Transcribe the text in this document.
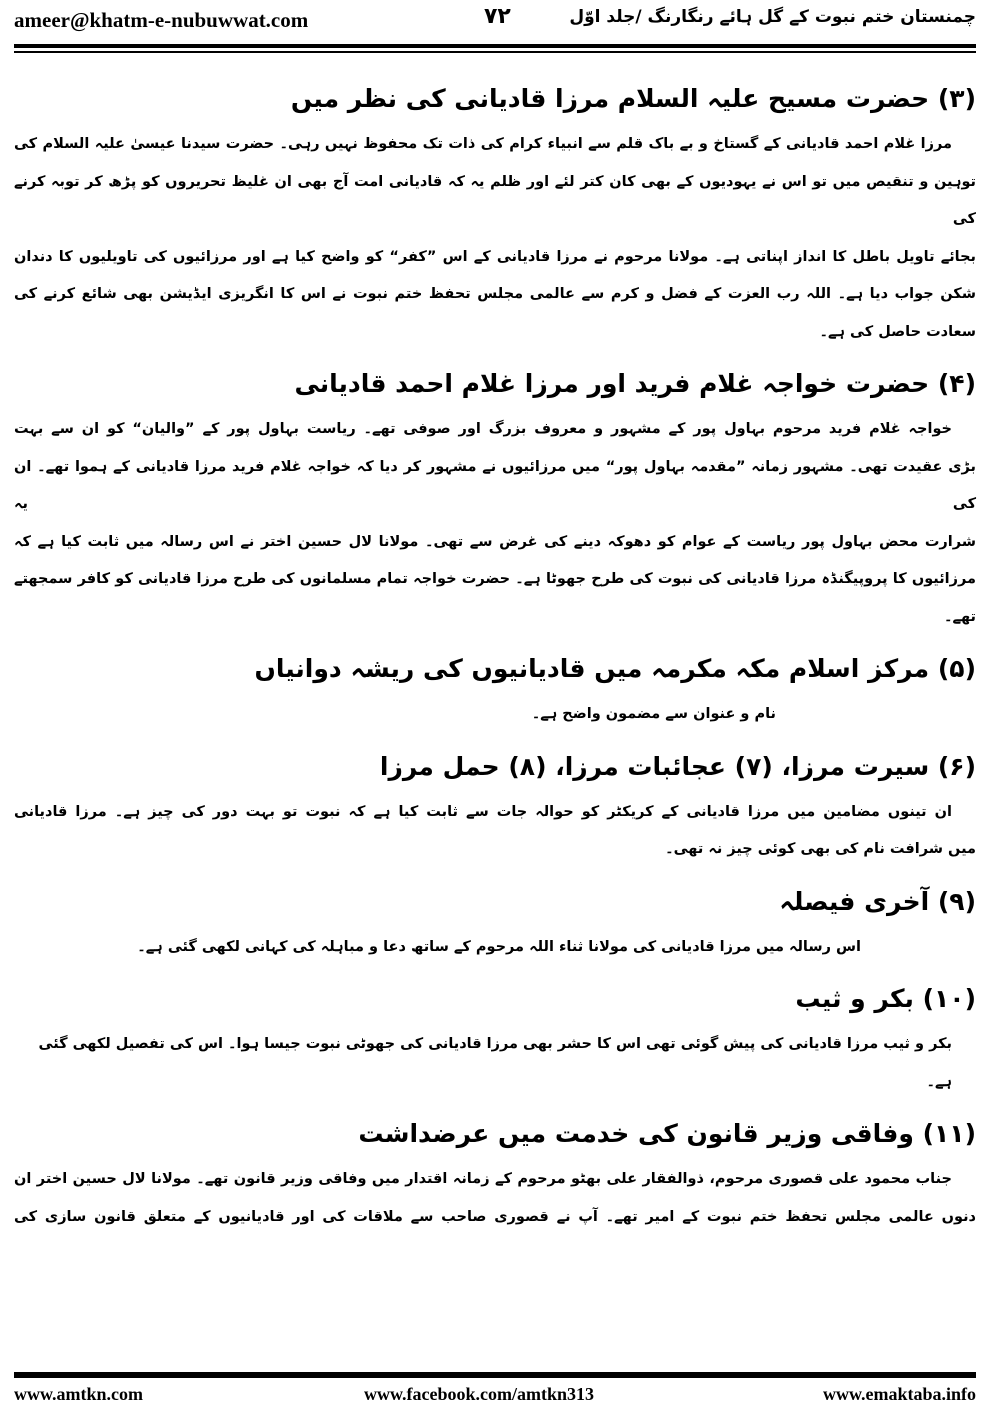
ameer@khatm-e-nubuwwat.com	۷۲	چمنستان ختم نبوت کے گل ہائے رنگارنگ /جلد اوّل
(۳) حضرت مسیح علیہ السلام مرزا قادیانی کی نظر میں
مرزا غلام احمد قادیانی کے گستاخ و بے باک قلم سے انبیاء کرام کی ذات تک محفوظ نہیں رہی۔ حضرت سیدنا عیسیٰ علیہ السلام کی
توہین و تنقیص میں تو اس نے یہودیوں کے بھی کان کتر لئے اور ظلم یہ کہ قادیانی امت آج بھی ان غلیظ تحریروں کو پڑھ کر توبہ کرنے کی
بجائے تاویل باطل کا انداز اپناتی ہے۔ مولانا مرحوم نے مرزا قادیانی کے اس ”کفر“ کو واضح کیا ہے اور مرزائیوں کی تاویلیوں کا دندان
شکن جواب دیا ہے۔ اللہ رب العزت کے فضل و کرم سے عالمی مجلس تحفظ ختم نبوت نے اس کا انگریزی ایڈیشن بھی شائع کرنے کی
سعادت حاصل کی ہے۔
(۴) حضرت خواجہ غلام فرید اور مرزا غلام احمد قادیانی
خواجہ غلام فرید مرحوم بہاول پور کے مشہور و معروف بزرگ اور صوفی تھے۔ ریاست بہاول پور کے ”والیان“ کو ان سے بہت
بڑی عقیدت تھی۔ مشہور زمانہ ”مقدمہ بہاول پور“ میں مرزائیوں نے مشہور کر دیا کہ خواجہ غلام فرید مرزا قادیانی کے ہموا تھے۔ ان کی یہ
شرارت محض بہاول پور ریاست کے عوام کو دھوکہ دینے کی غرض سے تھی۔ مولانا لال حسین اختر نے اس رسالہ میں ثابت کیا ہے کہ
مرزائیوں کا پروپیگنڈہ مرزا قادیانی کی نبوت کی طرح جھوٹا ہے۔ حضرت خواجہ تمام مسلمانوں کی طرح مرزا قادیانی کو کافر سمجھتے تھے۔
(۵) مرکز اسلام مکہ مکرمہ میں قادیانیوں کی ریشہ دوانیاں
نام و عنوان سے مضمون واضح ہے۔
(۶) سیرت مرزا، (۷) عجائبات مرزا، (۸) حمل مرزا
ان تینوں مضامین میں مرزا قادیانی کے کریکٹر کو حوالہ جات سے ثابت کیا ہے کہ نبوت تو بہت دور کی چیز ہے۔ مرزا قادیانی
میں شرافت نام کی بھی کوئی چیز نہ تھی۔
(۹) آخری فیصلہ
اس رسالہ میں مرزا قادیانی کی مولانا ثناء اللہ مرحوم کے ساتھ دعا و مباہلہ کی کہانی لکھی گئی ہے۔
(۱۰) بکر و ثیب
بکر و ثیب مرزا قادیانی کی پیش گوئی تھی اس کا حشر بھی مرزا قادیانی کی جھوٹی نبوت جیسا ہوا۔ اس کی تفصیل لکھی گئی ہے۔
(۱۱) وفاقی وزیر قانون کی خدمت میں عرضداشت
جناب محمود علی قصوری مرحوم، ذوالفقار علی بھٹو مرحوم کے زمانہ اقتدار میں وفاقی وزیر قانون تھے۔ مولانا لال حسین اختر ان
دنوں عالمی مجلس تحفظ ختم نبوت کے امیر تھے۔ آپ نے قصوری صاحب سے ملاقات کی اور قادیانیوں کے متعلق قانون سازی کی
www.amtkn.com	www.facebook.com/amtkn313	www.emaktaba.info
